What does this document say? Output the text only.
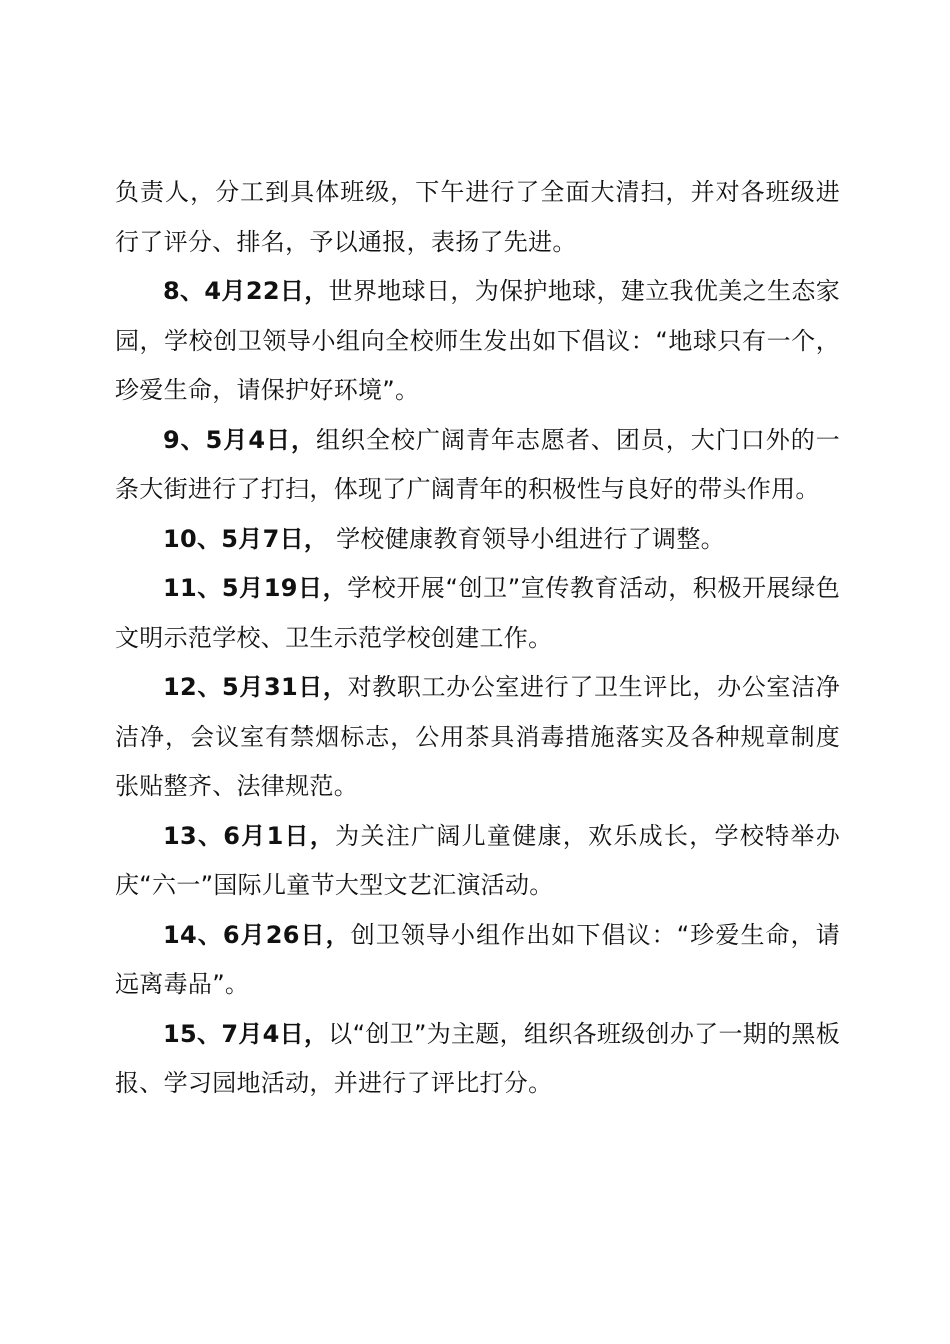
负责人，分工到具体班级，下午进行了全面大清扫，并对各班级进行了评分、排名，予以通报，表扬了先进。

8、4月22日，世界地球日，为保护地球，建立我优美之生态家园，学校创卫领导小组向全校师生发出如下倡议：“地球只有一个，珍爱生命，请保护好环境”。

9、5月4日，组织全校广阔青年志愿者、团员，大门口外的一条大街进行了打扫，体现了广阔青年的积极性与良好的带头作用。

10、5月7日， 学校健康教育领导小组进行了调整。

11、5月19日，学校开展“创卫”宣传教育活动，积极开展绿色文明示范学校、卫生示范学校创建工作。

12、5月31日，对教职工办公室进行了卫生评比，办公室洁净洁净，会议室有禁烟标志，公用茶具消毒措施落实及各种规章制度张贴整齐、法律规范。

13、6月1日，为关注广阔儿童健康，欢乐成长，学校特举办庆“六一”国际儿童节大型文艺汇演活动。

14、6月26日，创卫领导小组作出如下倡议：“珍爱生命，请远离毒品”。

15、7月4日，以“创卫”为主题，组织各班级创办了一期的黑板报、学习园地活动，并进行了评比打分。
